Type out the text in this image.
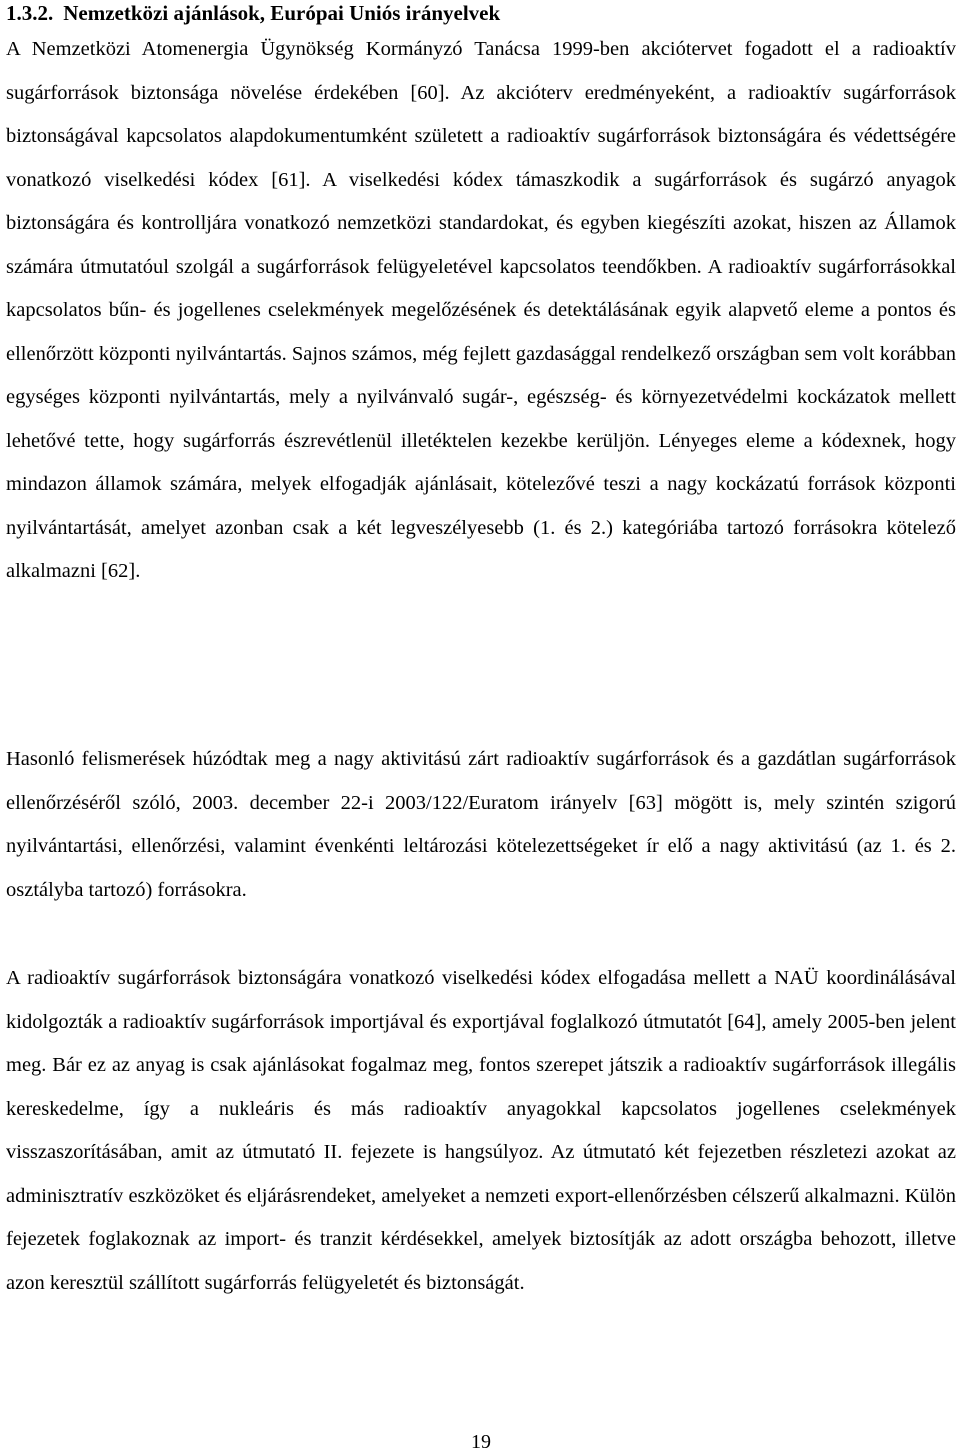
1.3.2. Nemzetközi ajánlások, Európai Uniós irányelvek

A Nemzetközi Atomenergia Ügynökség Kormányzó Tanácsa 1999-ben akciótervet fogadott el a radioaktív sugárforrások biztonsága növelése érdekében [60]. Az akcióterv eredményeként, a radioaktív sugárforrások biztonságával kapcsolatos alapdokumentumként született a radioaktív sugárforrások biztonságára és védettségére vonatkozó viselkedési kódex [61]. A viselkedési kódex támaszkodik a sugárforrások és sugárzó anyagok biztonságára és kontrolljára vonatkozó nemzetközi standardokat, és egyben kiegészíti azokat, hiszen az Államok számára útmutatóul szolgál a sugárforrások felügyeletével kapcsolatos teendőkben. A radioaktív sugárforrásokkal kapcsolatos bűn- és jogellenes cselekmények megelőzésének és detektálásának egyik alapvető eleme a pontos és ellenőrzött központi nyilvántartás. Sajnos számos, még fejlett gazdasággal rendelkező országban sem volt korábban egységes központi nyilvántartás, mely a nyilvánvaló sugár-, egészség- és környezetvédelmi kockázatok mellett lehetővé tette, hogy sugárforrás észrevétlenül illetéktelen kezekbe kerüljön. Lényeges eleme a kódexnek, hogy mindazon államok számára, melyek elfogadják ajánlásait, kötelezővé teszi a nagy kockázatú források központi nyilvántartását, amelyet azonban csak a két legveszélyesebb (1. és 2.) kategóriába tartozó forrásokra kötelező alkalmazni [62].

Hasonló felismerések húzódtak meg a nagy aktivitású zárt radioaktív sugárforrások és a gazdátlan sugárforrások ellenőrzéséről szóló, 2003. december 22-i 2003/122/Euratom irányelv [63] mögött is, mely szintén szigorú nyilvántartási, ellenőrzési, valamint évenkénti leltározási kötelezettségeket ír elő a nagy aktivitású (az 1. és 2. osztályba tartozó) forrásokra.

A radioaktív sugárforrások biztonságára vonatkozó viselkedési kódex elfogadása mellett a NAÜ koordinálásával kidolgozták a radioaktív sugárforrások importjával és exportjával foglalkozó útmutatót [64], amely 2005-ben jelent meg. Bár ez az anyag is csak ajánlásokat fogalmaz meg, fontos szerepet játszik a radioaktív sugárforrások illegális kereskedelme, így a nukleáris és más radioaktív anyagokkal kapcsolatos jogellenes cselekmények visszaszorításában, amit az útmutató II. fejezete is hangsúlyoz. Az útmutató két fejezetben részletezi azokat az adminisztratív eszközöket és eljárásrendeket, amelyeket a nemzeti export-ellenőrzésben célszerű alkalmazni. Külön fejezetek foglakoznak az import- és tranzit kérdésekkel, amelyek biztosítják az adott országba behozott, illetve azon keresztül szállított sugárforrás felügyeletét és biztonságát.

19
